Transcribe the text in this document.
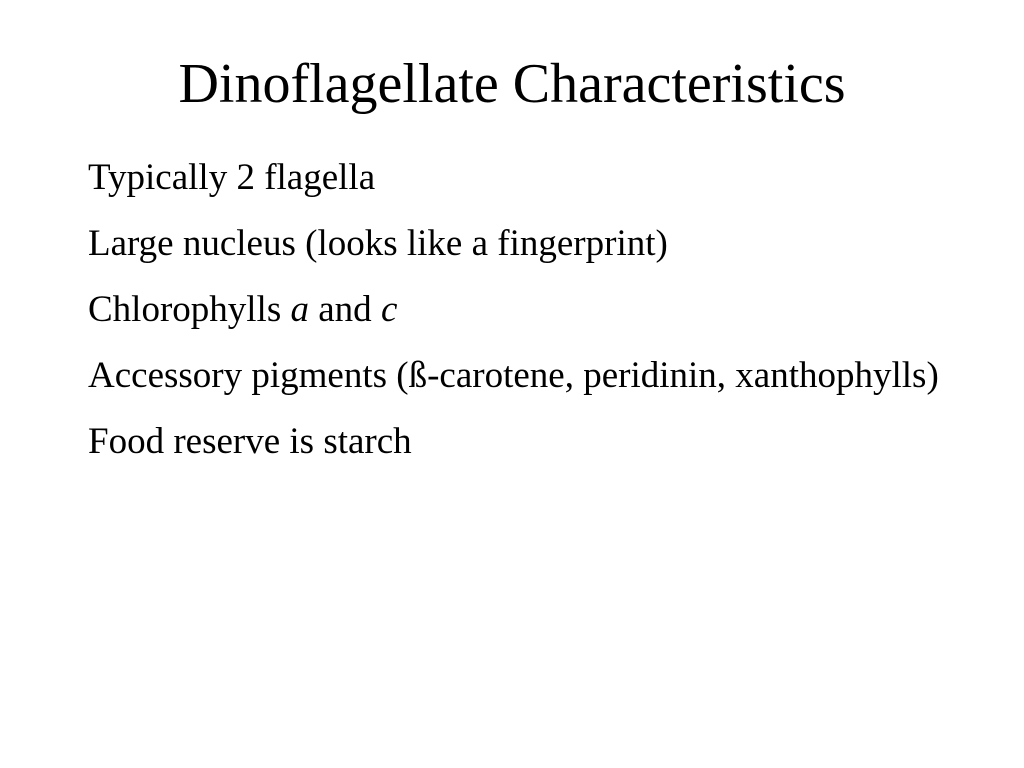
Dinoflagellate Characteristics
Typically 2 flagella
Large nucleus (looks like a fingerprint)
Chlorophylls a and c
Accessory pigments (ß-carotene, peridinin, xanthophylls)
Food reserve is starch
